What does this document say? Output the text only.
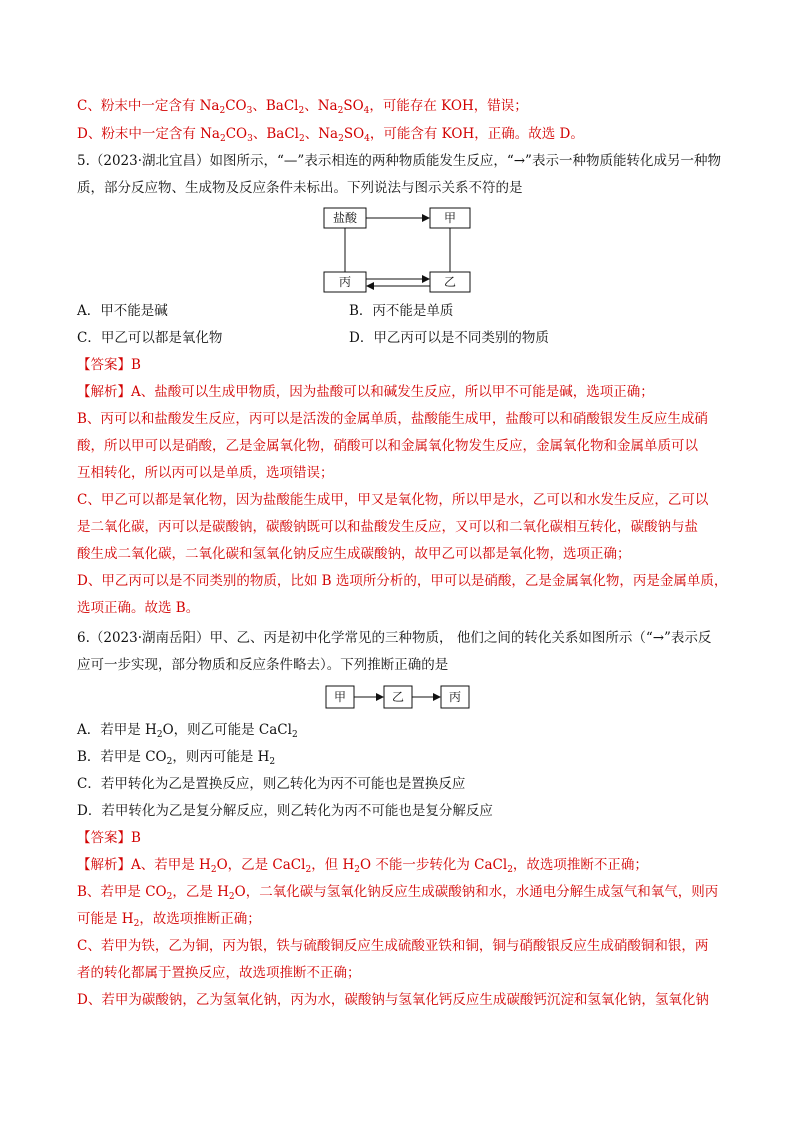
C、粉末中一定含有 $Na_2CO_3$、BaCl$_2$、$Na_2SO_4$，可能存在 KOH，错误；
D、粉末中一定含有 $Na_2CO_3$、BaCl$_2$、$Na_2SO_4$，可能含有 KOH，正确。故选 D。
5.（2023·湖北宜昌）如图所示，“—”表示相连的两种物质能发生反应，“→”表示一种物质能转化成另一种物
质，部分反应物、生成物及反应条件未标出。下列说法与图示关系不符的是
盐酸	甲
丙	乙
A．甲不能是碱	B．丙不能是单质
C．甲乙可以都是氧化物	D．甲乙丙可以是不同类别的物质
【答案】B
【解析】A、盐酸可以生成甲物质，因为盐酸可以和碱发生反应，所以甲不可能是碱，选项正确；
B、丙可以和盐酸发生反应，丙可以是活泼的金属单质，盐酸能生成甲，盐酸可以和硝酸银发生反应生成硝
酸，所以甲可以是硝酸，乙是金属氧化物，硝酸可以和金属氧化物发生反应，金属氧化物和金属单质可以
互相转化，所以丙可以是单质，选项错误；
C、甲乙可以都是氧化物，因为盐酸能生成甲，甲又是氧化物，所以甲是水，乙可以和水发生反应，乙可以
是二氧化碳，丙可以是碳酸钠，碳酸钠既可以和盐酸发生反应，又可以和二氧化碳相互转化，碳酸钠与盐
酸生成二氧化碳，二氧化碳和氢氧化钠反应生成碳酸钠，故甲乙可以都是氧化物，选项正确；
D、甲乙丙可以是不同类别的物质，比如 B 选项所分析的，甲可以是硝酸，乙是金属氧化物，丙是金属单质，
选项正确。故选 B。
6.（2023·湖南岳阳）甲、乙、丙是初中化学常见的三种物质， 他们之间的转化关系如图所示（“→”表示反
应可一步实现，部分物质和反应条件略去）。下列推断正确的是
甲	乙	丙
A．若甲是 $H_2O$，则乙可能是 CaCl$_2$
B．若甲是 $CO_2$，则丙可能是 $H_2$
C．若甲转化为乙是置换反应，则乙转化为丙不可能也是置换反应
D．若甲转化为乙是复分解反应，则乙转化为丙不可能也是复分解反应
【答案】B
【解析】A、若甲是 $H_2O$，乙是 CaCl$_2$，但 $H_2O$ 不能一步转化为 CaCl$_2$，故选项推断不正确；
B、若甲是 $CO_2$，乙是 $H_2O$，二氧化碳与氢氧化钠反应生成碳酸钠和水，水通电分解生成氢气和氧气，则丙
可能是 $H_2$，故选项推断正确；
C、若甲为铁，乙为铜，丙为银，铁与硫酸铜反应生成硫酸亚铁和铜，铜与硝酸银反应生成硝酸铜和银，两
者的转化都属于置换反应，故选项推断不正确；
D、若甲为碳酸钠，乙为氢氧化钠，丙为水，碳酸钠与氢氧化钙反应生成碳酸钙沉淀和氢氧化钠，氢氧化钠
